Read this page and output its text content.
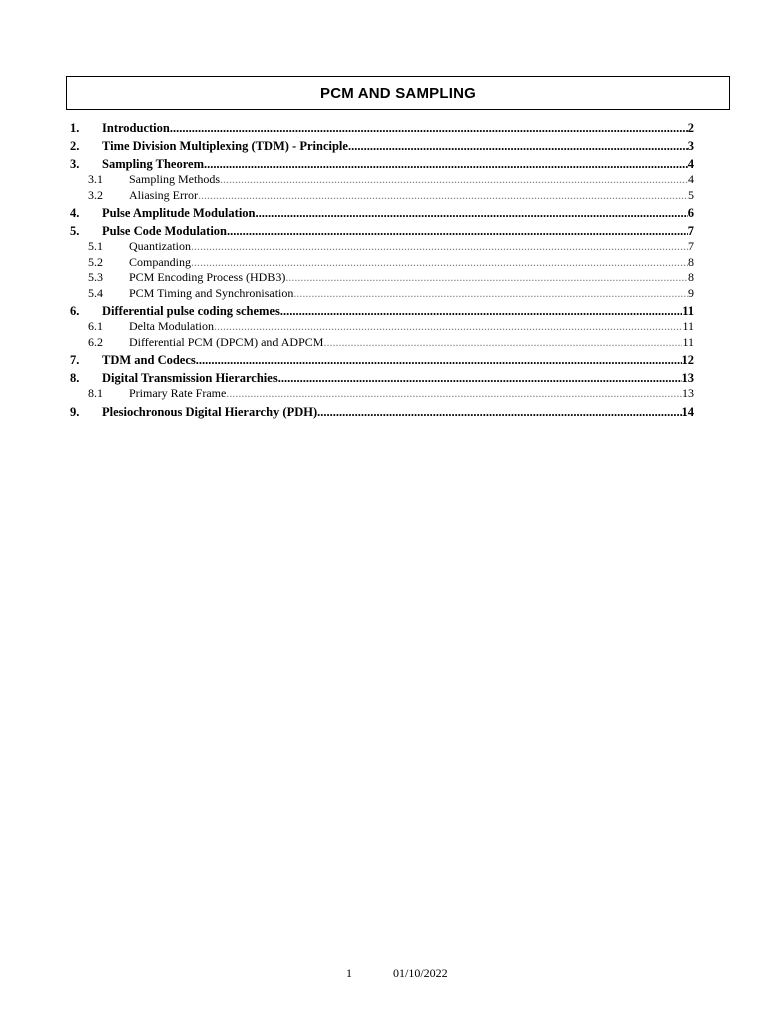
PCM AND SAMPLING
1.	Introduction .....	2
2.	Time Division Multiplexing (TDM) - Principle .....	3
3.	Sampling Theorem .....	4
3.1	Sampling Methods .....	4
3.2	Aliasing Error .....	5
4.	Pulse Amplitude Modulation .....	6
5.	Pulse Code Modulation .....	7
5.1	Quantization .....	7
5.2	Companding .....	8
5.3	PCM Encoding Process (HDB3) .....	8
5.4	PCM Timing and Synchronisation .....	9
6.	Differential pulse coding schemes .....	11
6.1	Delta Modulation .....	11
6.2	Differential PCM (DPCM) and ADPCM .....	11
7.	TDM and Codecs .....	12
8.	Digital Transmission Hierarchies .....	13
8.1	Primary Rate Frame .....	13
9.	Plesiochronous Digital Hierarchy (PDH) .....	14
1	01/10/2022
